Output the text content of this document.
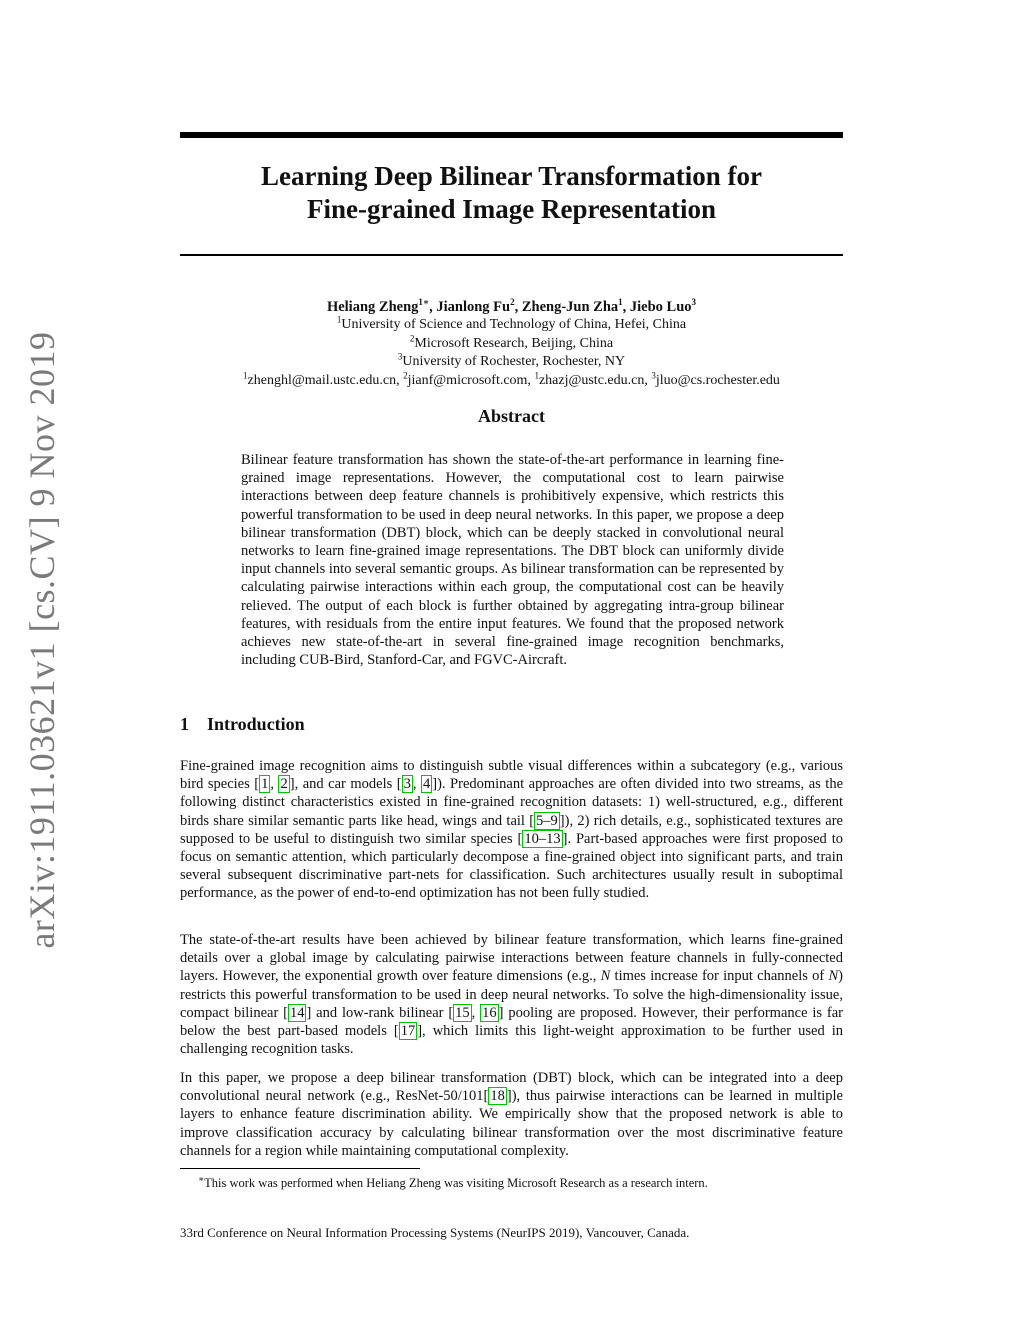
arXiv:1911.03621v1 [cs.CV] 9 Nov 2019
Learning Deep Bilinear Transformation for
Fine-grained Image Representation
Heliang Zheng$^{1∗}$, Jianlong Fu$^2$, Zheng-Jun Zha$^1$, Jiebo Luo$^3$
$^1$University of Science and Technology of China, Hefei, China
$^2$Microsoft Research, Beijing, China
$^3$University of Rochester, Rochester, NY
$^1$zhenghl@mail.ustc.edu.cn, $^2$jianf@microsoft.com, $^1$zhazj@ustc.edu.cn, $^3$jluo@cs.rochester.edu
Abstract
Bilinear feature transformation has shown the state-of-the-art performance in learning fine-grained image representations. However, the computational cost to learn pairwise interactions between deep feature channels is prohibitively expensive, which restricts this powerful transformation to be used in deep neural networks. In this paper, we propose a deep bilinear transformation (DBT) block, which can be deeply stacked in convolutional neural networks to learn fine-grained image representations. The DBT block can uniformly divide input channels into several semantic groups. As bilinear transformation can be represented by calculating pairwise interactions within each group, the computational cost can be heavily relieved. The output of each block is further obtained by aggregating intra-group bilinear features, with residuals from the entire input features. We found that the proposed network achieves new state-of-the-art in several fine-grained image recognition benchmarks, including CUB-Bird, Stanford-Car, and FGVC-Aircraft.
1 Introduction
Fine-grained image recognition aims to distinguish subtle visual differences within a subcategory (e.g., various bird species [ 1 , 2 ], and car models [ 3 , 4 ]). Predominant approaches are often divided into two streams, as the following distinct characteristics existed in fine-grained recognition datasets: 1) well-structured, e.g., different birds share similar semantic parts like head, wings and tail [ 5–9 ]), 2) rich details, e.g., sophisticated textures are supposed to be useful to distinguish two similar species [ 10–13 ]. Part-based approaches were first proposed to focus on semantic attention, which particularly decompose a fine-grained object into significant parts, and train several subsequent discriminative part-nets for classification. Such architectures usually result in suboptimal performance, as the power of end-to-end optimization has not been fully studied.
The state-of-the-art results have been achieved by bilinear feature transformation, which learns fine-grained details over a global image by calculating pairwise interactions between feature channels in fully-connected layers. However, the exponential growth over feature dimensions (e.g., N times increase for input channels of N) restricts this powerful transformation to be used in deep neural networks. To solve the high-dimensionality issue, compact bilinear [ 14 ] and low-rank bilinear [ 15 , 16 ] pooling are proposed. However, their performance is far below the best part-based models [ 17 ], which limits this light-weight approximation to be further used in challenging recognition tasks.
In this paper, we propose a deep bilinear transformation (DBT) block, which can be integrated into a deep convolutional neural network (e.g., ResNet-50/101[ 18 ]), thus pairwise interactions can be learned in multiple layers to enhance feature discrimination ability. We empirically show that the proposed network is able to improve classification accuracy by calculating bilinear transformation over the most discriminative feature channels for a region while maintaining computational complexity.
∗This work was performed when Heliang Zheng was visiting Microsoft Research as a research intern.
33rd Conference on Neural Information Processing Systems (NeurIPS 2019), Vancouver, Canada.
